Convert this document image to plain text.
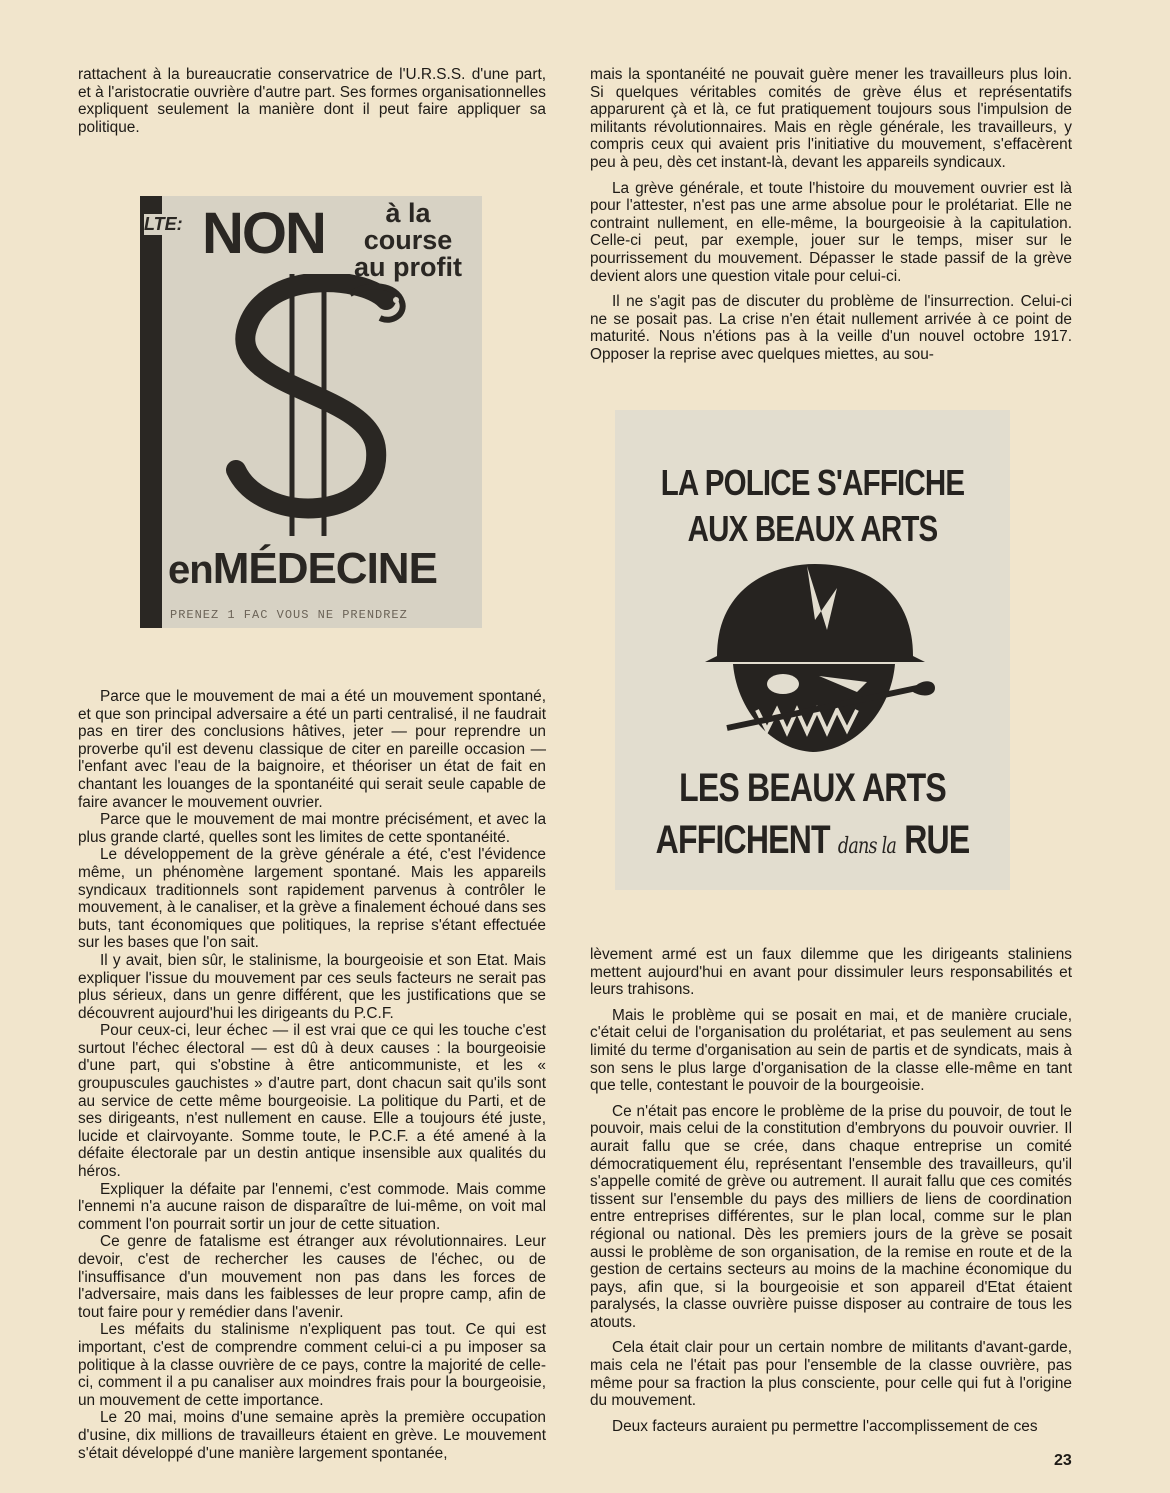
rattachent à la bureaucratie conservatrice de l'U.R.S.S. d'une part, et à l'aristocratie ouvrière d'autre part. Ses formes organisationnelles expliquent seulement la manière dont il peut faire appliquer sa politique.

LTE: NON	à la course
au profit
enMÉDECINE
PRENEZ 1 FAC VOUS NE PRENDREZ

Parce que le mouvement de mai a été un mouvement spontané, et que son principal adversaire a été un parti centralisé, il ne faudrait pas en tirer des conclusions hâtives, jeter — pour reprendre un proverbe qu'il est devenu classique de citer en pareille occasion — l'enfant avec l'eau de la baignoire, et théoriser un état de fait en chantant les louanges de la spontanéité qui serait seule capable de faire avancer le mouvement ouvrier.

Parce que le mouvement de mai montre précisément, et avec la plus grande clarté, quelles sont les limites de cette spontanéité.

Le développement de la grève générale a été, c'est l'évidence même, un phénomène largement spontané. Mais les appareils syndicaux traditionnels sont rapidement parvenus à contrôler le mouvement, à le canaliser, et la grève a finalement échoué dans ses buts, tant économiques que politiques, la reprise s'étant effectuée sur les bases que l'on sait.

Il y avait, bien sûr, le stalinisme, la bourgeoisie et son Etat. Mais expliquer l'issue du mouvement par ces seuls facteurs ne serait pas plus sérieux, dans un genre différent, que les justifications que se découvrent aujourd'hui les dirigeants du P.C.F.

Pour ceux-ci, leur échec — il est vrai que ce qui les touche c'est surtout l'échec électoral — est dû à deux causes : la bourgeoisie d'une part, qui s'obstine à être anticommuniste, et les « groupuscules gauchistes » d'autre part, dont chacun sait qu'ils sont au service de cette même bourgeoisie. La politique du Parti, et de ses dirigeants, n'est nullement en cause. Elle a toujours été juste, lucide et clairvoyante. Somme toute, le P.C.F. a été amené à la défaite électorale par un destin antique insensible aux qualités du héros.

Expliquer la défaite par l'ennemi, c'est commode. Mais comme l'ennemi n'a aucune raison de disparaître de lui-même, on voit mal comment l'on pourrait sortir un jour de cette situation.

Ce genre de fatalisme est étranger aux révolutionnaires. Leur devoir, c'est de rechercher les causes de l'échec, ou de l'insuffisance d'un mouvement non pas dans les forces de l'adversaire, mais dans les faiblesses de leur propre camp, afin de tout faire pour y remédier dans l'avenir.

Les méfaits du stalinisme n'expliquent pas tout. Ce qui est important, c'est de comprendre comment celui-ci a pu imposer sa politique à la classe ouvrière de ce pays, contre la majorité de celle-ci, comment il a pu canaliser aux moindres frais pour la bourgeoisie, un mouvement de cette importance.

Le 20 mai, moins d'une semaine après la première occupation d'usine, dix millions de travailleurs étaient en grève. Le mouvement s'était développé d'une manière largement spontanée,

mais la spontanéité ne pouvait guère mener les travailleurs plus loin. Si quelques véritables comités de grève élus et représentatifs apparurent çà et là, ce fut pratiquement toujours sous l'impulsion de militants révolutionnaires. Mais en règle générale, les travailleurs, y compris ceux qui avaient pris l'initiative du mouvement, s'effacèrent peu à peu, dès cet instant-là, devant les appareils syndicaux.

La grève générale, et toute l'histoire du mouvement ouvrier est là pour l'attester, n'est pas une arme absolue pour le prolétariat. Elle ne contraint nullement, en elle-même, la bourgeoisie à la capitulation. Celle-ci peut, par exemple, jouer sur le temps, miser sur le pourrissement du mouvement. Dépasser le stade passif de la grève devient alors une question vitale pour celui-ci.

Il ne s'agit pas de discuter du problème de l'insurrection. Celui-ci ne se posait pas. La crise n'en était nullement arrivée à ce point de maturité. Nous n'étions pas à la veille d'un nouvel octobre 1917. Opposer la reprise avec quelques miettes, au sou-

LA POLICE S'AFFICHE
AUX BEAUX ARTS
LES BEAUX ARTS
AFFICHENT dans la RUE

lèvement armé est un faux dilemme que les dirigeants staliniens mettent aujourd'hui en avant pour dissimuler leurs responsabilités et leurs trahisons.

Mais le problème qui se posait en mai, et de manière cruciale, c'était celui de l'organisation du prolétariat, et pas seulement au sens limité du terme d'organisation au sein de partis et de syndicats, mais à son sens le plus large d'organisation de la classe elle-même en tant que telle, contestant le pouvoir de la bourgeoisie.

Ce n'était pas encore le problème de la prise du pouvoir, de tout le pouvoir, mais celui de la constitution d'embryons du pouvoir ouvrier. Il aurait fallu que se crée, dans chaque entreprise un comité démocratiquement élu, représentant l'ensemble des travailleurs, qu'il s'appelle comité de grève ou autrement. Il aurait fallu que ces comités tissent sur l'ensemble du pays des milliers de liens de coordination entre entreprises différentes, sur le plan local, comme sur le plan régional ou national. Dès les premiers jours de la grève se posait aussi le problème de son organisation, de la remise en route et de la gestion de certains secteurs au moins de la machine économique du pays, afin que, si la bourgeoisie et son appareil d'Etat étaient paralysés, la classe ouvrière puisse disposer au contraire de tous les atouts.

Cela était clair pour un certain nombre de militants d'avant-garde, mais cela ne l'était pas pour l'ensemble de la classe ouvrière, pas même pour sa fraction la plus consciente, pour celle qui fut à l'origine du mouvement.

Deux facteurs auraient pu permettre l'accomplissement de ces

23
